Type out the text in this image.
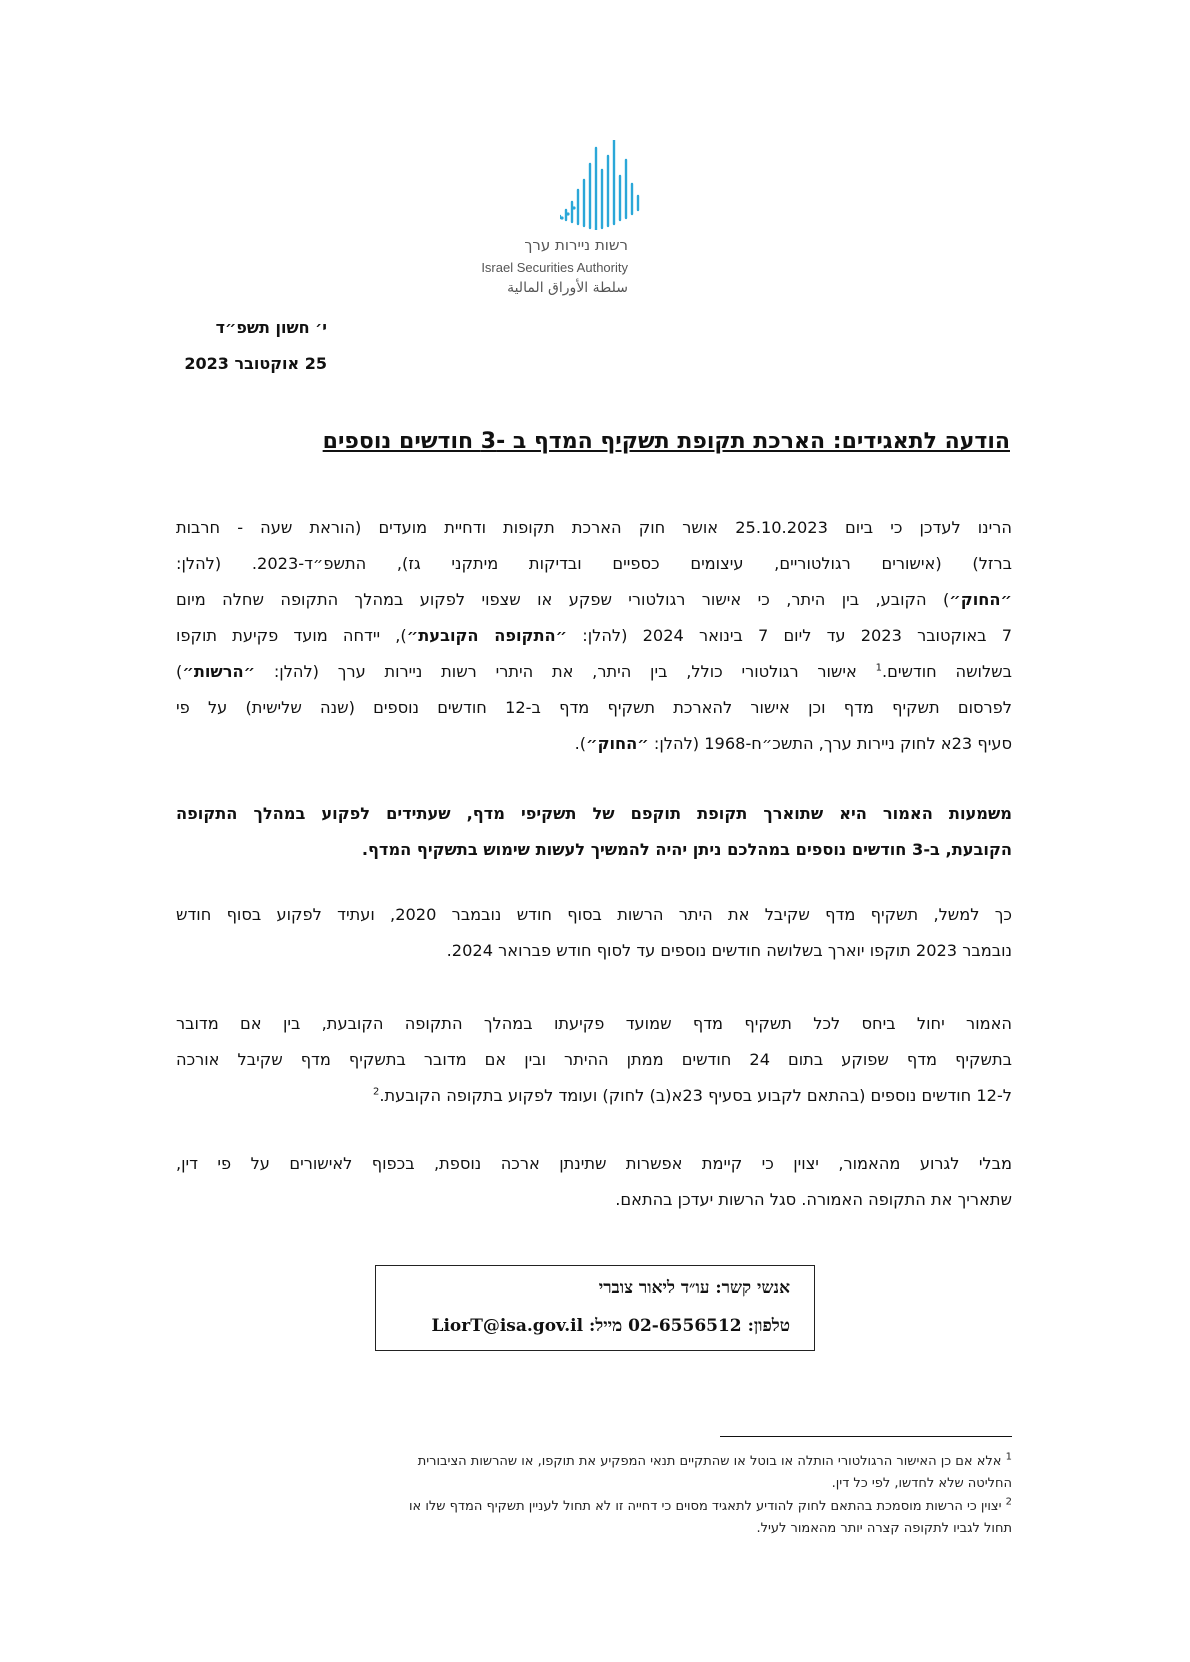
רשות ניירות ערך
Israel Securities Authority
سلطة الأوراق المالية
י׳ חשון תשפ״ד
25 אוקטובר 2023
הודעה לתאגידים: הארכת תקופת תשקיף המדף ב -3 חודשים נוספים
הרינו לעדכן כי ביום 25.10.2023 אושר חוק הארכת תקופות ודחיית מועדים (הוראת שעה - חרבות
ברזל) (אישורים רגולטוריים, עיצומים כספיים ובדיקות מיתקני גז), התשפ״ד-2023. (להלן:
״החוק״) הקובע, בין היתר, כי אישור רגולטורי שפקע או שצפוי לפקוע במהלך התקופה שחלה מיום
7 באוקטובר 2023 עד ליום 7 בינואר 2024 (להלן: ״התקופה הקובעת״), יידחה מועד פקיעת תוקפו
בשלושה חודשים.$^1$ אישור רגולטורי כולל, בין היתר, את היתרי רשות ניירות ערך (להלן: ״הרשות״)
לפרסום תשקיף מדף וכן אישור להארכת תשקיף מדף ב-12 חודשים נוספים (שנה שלישית) על פי
סעיף 23א לחוק ניירות ערך, התשכ״ח-1968 (להלן: ״החוק״).
משמעות האמור היא שתוארך תקופת תוקפם של תשקיפי מדף, שעתידים לפקוע במהלך התקופה
הקובעת, ב-3 חודשים נוספים במהלכם ניתן יהיה להמשיך לעשות שימוש בתשקיף המדף.
כך למשל, תשקיף מדף שקיבל את היתר הרשות בסוף חודש נובמבר 2020, ועתיד לפקוע בסוף חודש
נובמבר 2023 תוקפו יוארך בשלושה חודשים נוספים עד לסוף חודש פברואר 2024.
האמור יחול ביחס לכל תשקיף מדף שמועד פקיעתו במהלך התקופה הקובעת, בין אם מדובר
בתשקיף מדף שפוקע בתום 24 חודשים ממתן ההיתר ובין אם מדובר בתשקיף מדף שקיבל אורכה
ל-12 חודשים נוספים (בהתאם לקבוע בסעיף 23א(ב) לחוק) ועומד לפקוע בתקופה הקובעת.$^2$
מבלי לגרוע מהאמור, יצוין כי קיימת אפשרות שתינתן ארכה נוספת, בכפוף לאישורים על פי דין,
שתאריך את התקופה האמורה. סגל הרשות יעדכן בהתאם.
אנשי קשר: עו״ד ליאור צוברי
טלפון: 02-6556512 מייל: LiorT@isa.gov.il
$^1$ אלא אם כן האישור הרגולטורי הותלה או בוטל או שהתקיים תנאי המפקיע את תוקפו, או שהרשות הציבורית
החליטה שלא לחדשו, לפי כל דין.
$^2$ יצוין כי הרשות מוסמכת בהתאם לחוק להודיע לתאגיד מסוים כי דחייה זו לא תחול לעניין תשקיף המדף שלו או
תחול לגביו לתקופה קצרה יותר מהאמור לעיל.
